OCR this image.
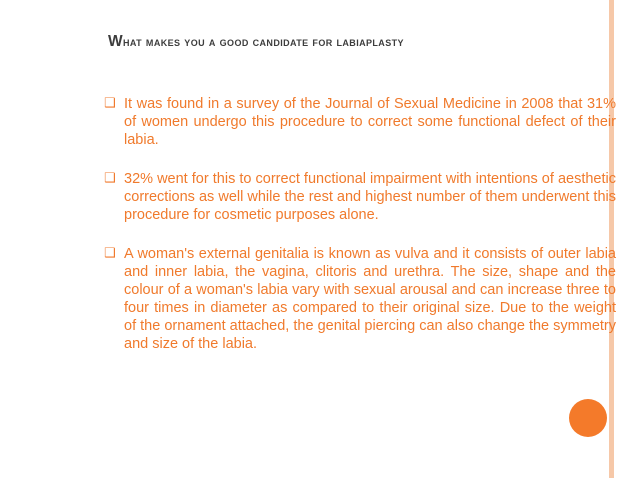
What makes you a good candidate for labiaplasty
❑ It was found in a survey of the Journal of Sexual Medicine in 2008 that 31% of women undergo this procedure to correct some functional defect of their labia.
❑ 32% went for this to correct functional impairment with intentions of aesthetic corrections as well while the rest and highest number of them underwent this procedure for cosmetic purposes alone.
❑ A woman's external genitalia is known as vulva and it consists of outer labia and inner labia, the vagina, clitoris and urethra. The size, shape and the colour of a woman's labia vary with sexual arousal and can increase three to four times in diameter as compared to their original size. Due to the weight of the ornament attached, the genital piercing can also change the symmetry and size of the labia.
